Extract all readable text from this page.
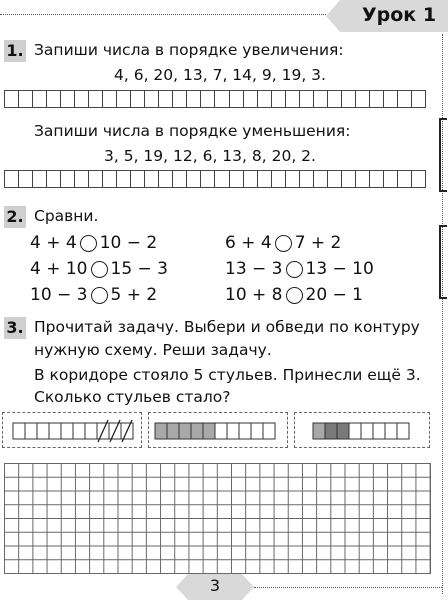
Урок 1
1. Запиши числа в порядке увеличения:
4, 6, 20, 13, 7, 14, 9, 19, 3.
Запиши числа в порядке уменьшения:
3, 5, 19, 12, 6, 13, 8, 20, 2.
2. Сравни.
4 + 4 10 − 2
4 + 10 15 − 3
10 − 3 5 + 2
6 + 4 7 + 2
13 − 3 13 − 10
10 + 8 20 − 1
3. Прочитай задачу. Выбери и обведи по контуру
нужную схему. Реши задачу.
В коридоре стояло 5 стульев. Принесли ещё 3.
Сколько стульев стало?
3
